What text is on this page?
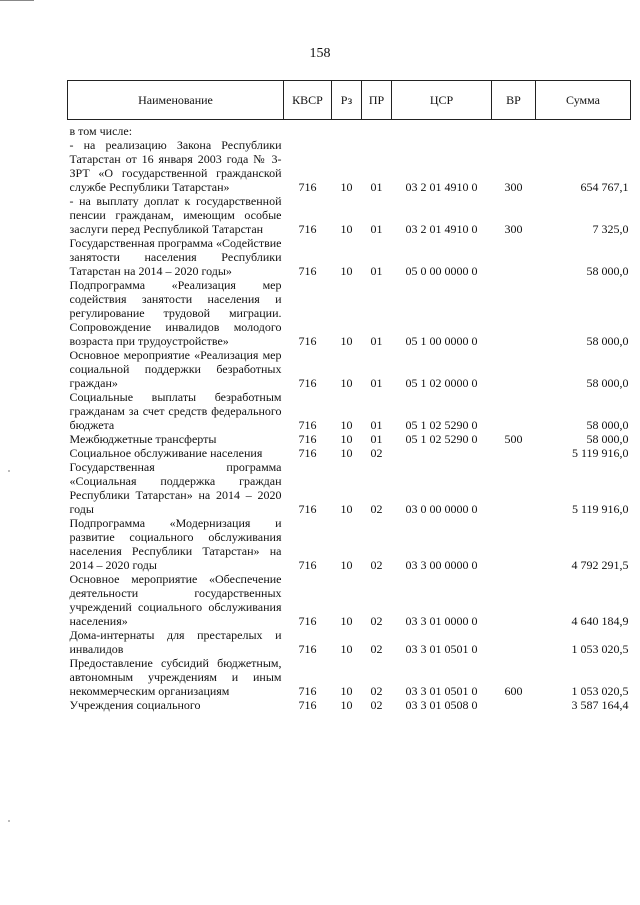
158
Наименование	КВСР	Рз	ПР	ЦСР	ВР	Сумма
в том числе:						
- на реализацию Закона Республики Татарстан от 16 января 2003 года № 3-ЗРТ «О государственной гражданской службе Республики Татарстан»	716	10	01	03 2 01 4910 0	300	654 767,1
- на выплату доплат к государственной пенсии гражданам, имеющим особые заслуги перед Республикой Татарстан	716	10	01	03 2 01 4910 0	300	7 325,0
Государственная программа «Содействие занятости населения Республики Татарстан на 2014 – 2020 годы»	716	10	01	05 0 00 0000 0		58 000,0
Подпрограмма «Реализация мер содействия занятости населения и регулирование трудовой миграции. Сопровождение инвалидов молодого возраста при трудоустройстве»	716	10	01	05 1 00 0000 0		58 000,0
Основное мероприятие «Реализация мер социальной поддержки безработных граждан»	716	10	01	05 1 02 0000 0		58 000,0
Социальные выплаты безработным гражданам за счет средств федерального бюджета	716	10	01	05 1 02 5290 0		58 000,0
Межбюджетные трансферты	716	10	01	05 1 02 5290 0	500	58 000,0
Социальное обслуживание населения	716	10	02			5 119 916,0
Государственная программа «Социальная поддержка граждан Республики Татарстан» на 2014 – 2020 годы	716	10	02	03 0 00 0000 0		5 119 916,0
Подпрограмма «Модернизация и развитие социального обслуживания населения Республики Татарстан» на 2014 – 2020 годы	716	10	02	03 3 00 0000 0		4 792 291,5
Основное мероприятие «Обеспечение деятельности государственных учреждений социального обслуживания населения»	716	10	02	03 3 01 0000 0		4 640 184,9
Дома-интернаты для престарелых и инвалидов	716	10	02	03 3 01 0501 0		1 053 020,5
Предоставление субсидий бюджетным, автономным учреждениям и иным некоммерческим организациям	716	10	02	03 3 01 0501 0	600	1 053 020,5
Учреждения социального	716	10	02	03 3 01 0508 0		3 587 164,4
